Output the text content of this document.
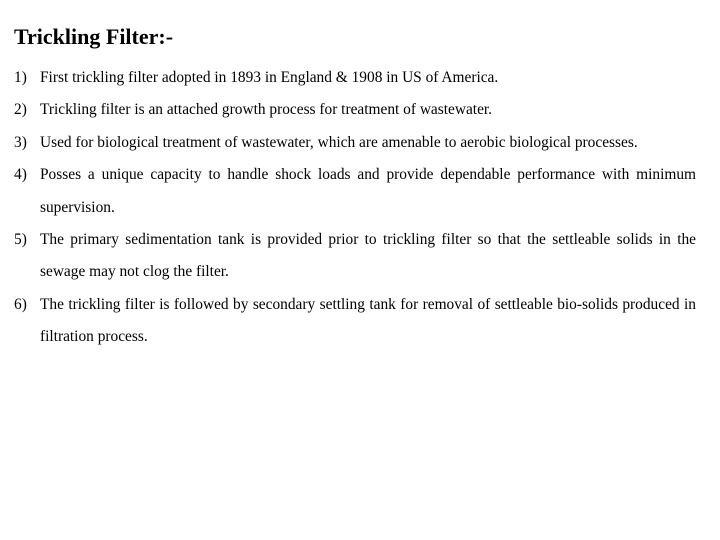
Trickling Filter:-
1) First trickling filter adopted in 1893 in England & 1908 in US of America.
2) Trickling filter is an attached growth process for treatment of wastewater.
3) Used for biological treatment of wastewater, which are amenable to aerobic biological processes.
4) Posses a unique capacity to handle shock loads and provide dependable performance with minimum supervision.
5) The primary sedimentation tank is provided prior to trickling filter so that the settleable solids in the sewage may not clog the filter.
6) The trickling filter is followed by secondary settling tank for removal of settleable bio-solids produced in filtration process.
